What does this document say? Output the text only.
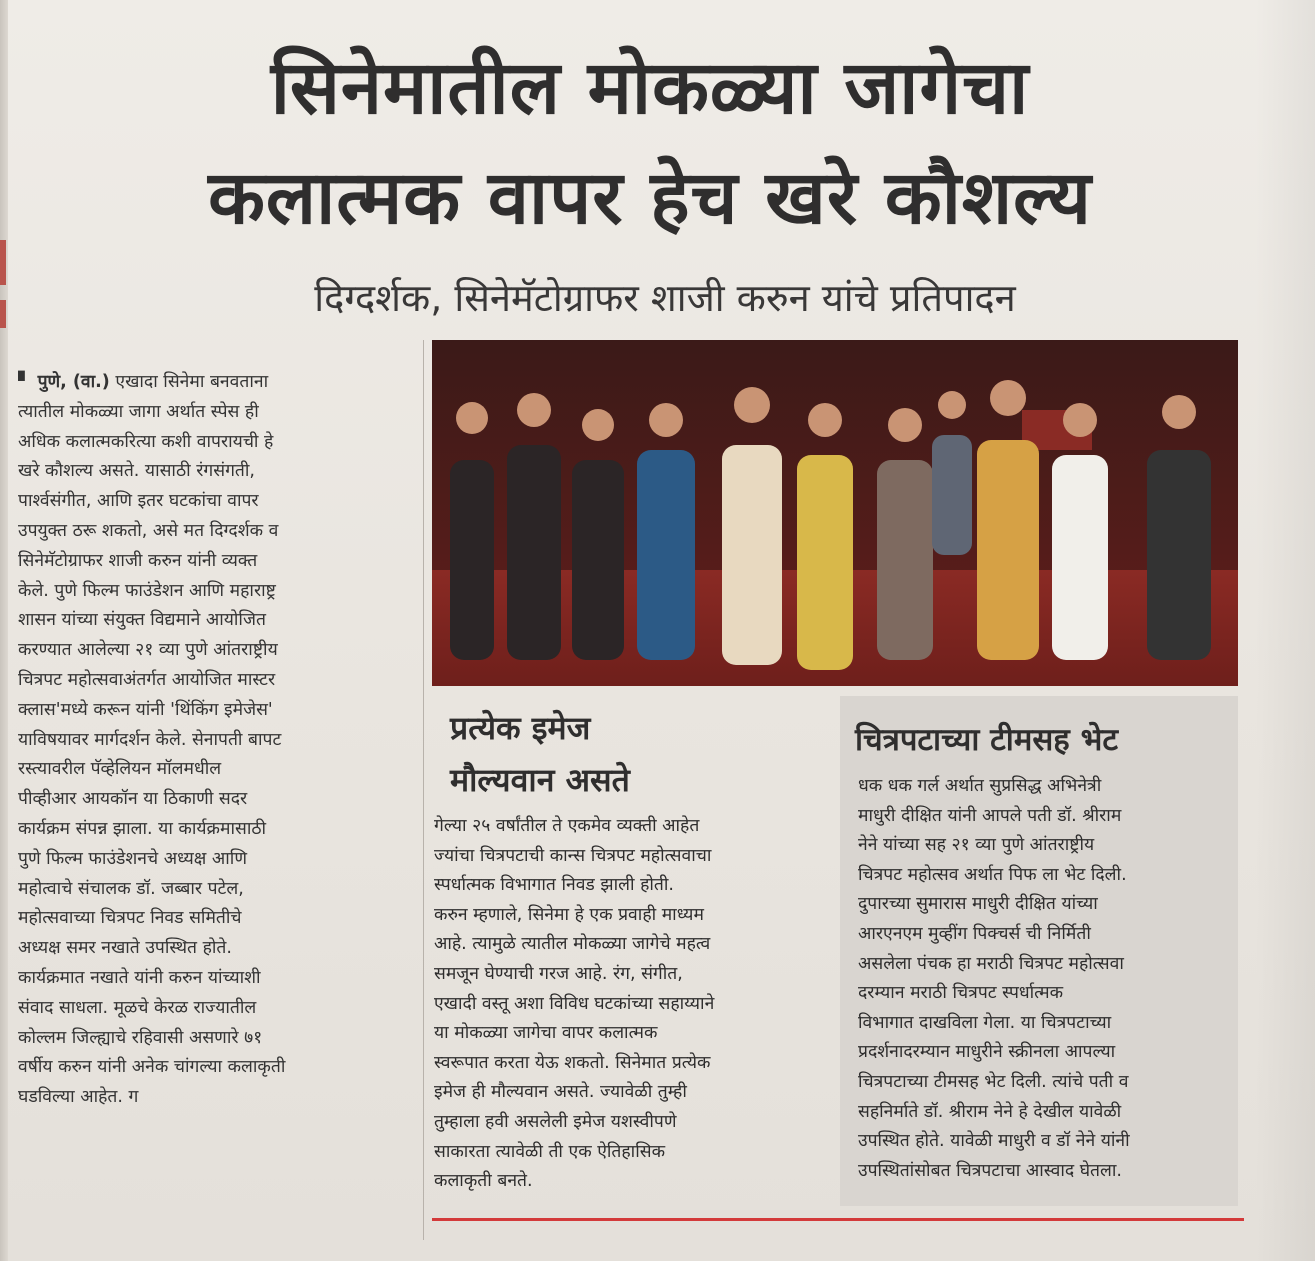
सिनेमातील मोकळ्या जागेचा
कलात्मक वापर हेच खरे कौशल्य
दिग्दर्शक, सिनेमॅटोग्राफर शाजी करुन यांचे प्रतिपादन
▘ पुणे, (वा.) एखादा सिनेमा बनवताना
त्यातील मोकळ्या जागा अर्थात स्पेस ही
अधिक कलात्मकरित्या कशी वापरायची हे
खरे कौशल्य असते. यासाठी रंगसंगती,
पार्श्वसंगीत, आणि इतर घटकांचा वापर
उपयुक्त ठरू शकतो, असे मत दिग्दर्शक व
सिनेमॅटोग्राफर शाजी करुन यांनी व्यक्त
केले. पुणे फिल्म फाउंडेशन आणि महाराष्ट्र
शासन यांच्या संयुक्त विद्यमाने आयोजित
करण्यात आलेल्या २१ व्या पुणे आंतराष्ट्रीय
चित्रपट महोत्सवाअंतर्गत आयोजित मास्टर
क्लास'मध्ये करून यांनी 'थिंकिंग इमेजेस'
याविषयावर मार्गदर्शन केले. सेनापती बापट
रस्त्यावरील पॅव्हेलियन मॉलमधील
पीव्हीआर आयकॉन या ठिकाणी सदर
कार्यक्रम संपन्न झाला. या कार्यक्रमासाठी
पुणे फिल्म फाउंडेशनचे अध्यक्ष आणि
महोत्वाचे संचालक डॉ. जब्बार पटेल,
महोत्सवाच्या चित्रपट निवड समितीचे
अध्यक्ष समर नखाते उपस्थित होते.
कार्यक्रमात नखाते यांनी करुन यांच्याशी
संवाद साधला. मूळचे केरळ राज्यातील
कोल्लम जिल्ह्याचे रहिवासी असणारे ७१
वर्षीय करुन यांनी अनेक चांगल्या कलाकृती
घडविल्या आहेत. ग
प्रत्येक इमेज
मौल्यवान असते
गेल्या २५ वर्षांतील ते एकमेव व्यक्ती आहेत
ज्यांचा चित्रपटाची कान्स चित्रपट महोत्सवाचा
स्पर्धात्मक विभागात निवड झाली होती.
करुन म्हणाले, सिनेमा हे एक प्रवाही माध्यम
आहे. त्यामुळे त्यातील मोकळ्या जागेचे महत्व
समजून घेण्याची गरज आहे. रंग, संगीत,
एखादी वस्तू अशा विविध घटकांच्या सहाय्याने
या मोकळ्या जागेचा वापर कलात्मक
स्वरूपात करता येऊ शकतो. सिनेमात प्रत्येक
इमेज ही मौल्यवान असते. ज्यावेळी तुम्ही
तुम्हाला हवी असलेली इमेज यशस्वीपणे
साकारता त्यावेळी ती एक ऐतिहासिक
कलाकृती बनते.
चित्रपटाच्या टीमसह भेट
धक धक गर्ल अर्थात सुप्रसिद्ध अभिनेत्री
माधुरी दीक्षित यांनी आपले पती डॉ. श्रीराम
नेने यांच्या सह २१ व्या पुणे आंतराष्ट्रीय
चित्रपट महोत्सव अर्थात पिफ ला भेट दिली.
दुपारच्या सुमारास माधुरी दीक्षित यांच्या
आरएनएम मुव्हींग पिक्चर्स ची निर्मिती
असलेला पंचक हा मराठी चित्रपट महोत्सवा
दरम्यान मराठी चित्रपट स्पर्धात्मक
विभागात दाखविला गेला. या चित्रपटाच्या
प्रदर्शनादरम्यान माधुरीने स्क्रीनला आपल्या
चित्रपटाच्या टीमसह भेट दिली. त्यांचे पती व
सहनिर्माते डॉ. श्रीराम नेने हे देखील यावेळी
उपस्थित होते. यावेळी माधुरी व डॉ नेने यांनी
उपस्थितांसोबत चित्रपटाचा आस्वाद घेतला.
